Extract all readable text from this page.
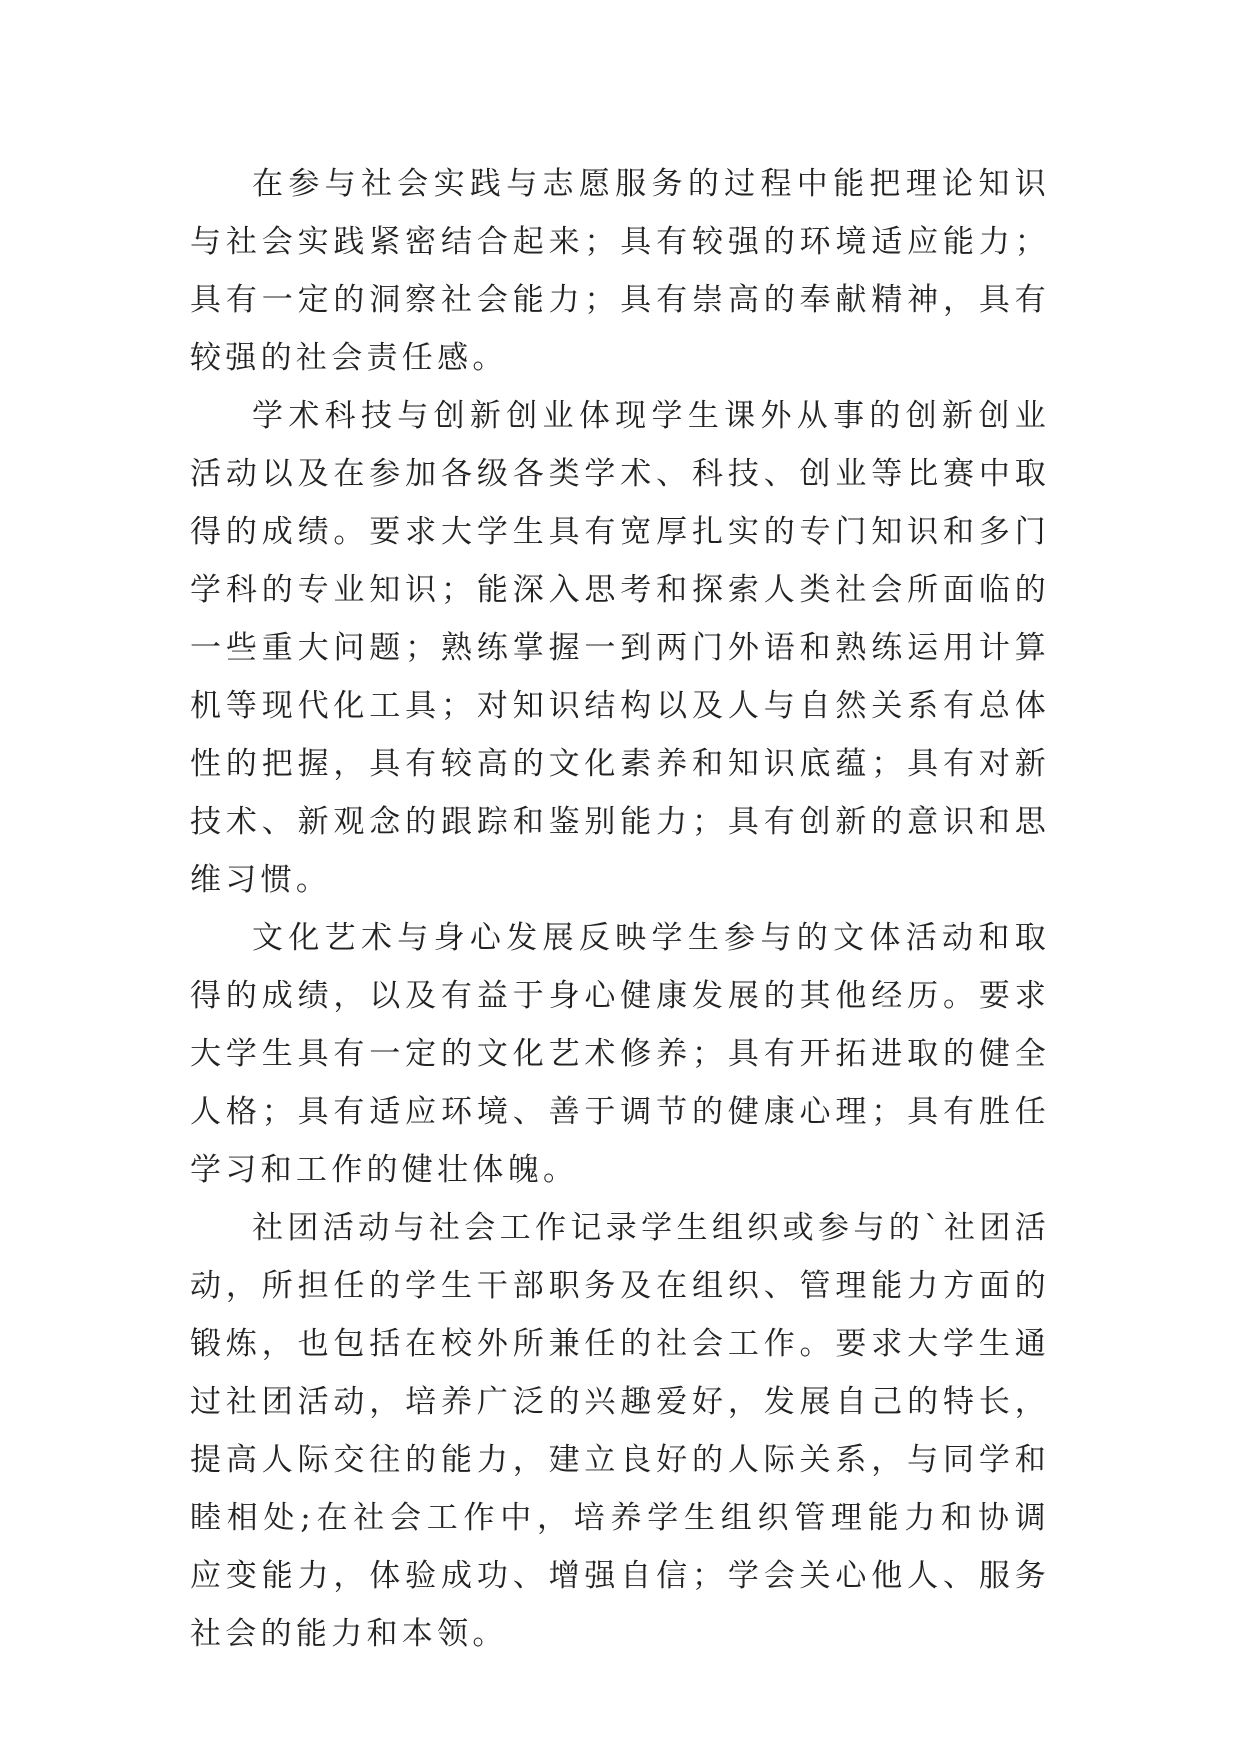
在参与社会实践与志愿服务的过程中能把理论知识与社会实践紧密结合起来；具有较强的环境适应能力；具有一定的洞察社会能力；具有崇高的奉献精神，具有较强的社会责任感。

学术科技与创新创业体现学生课外从事的创新创业活动以及在参加各级各类学术、科技、创业等比赛中取得的成绩。要求大学生具有宽厚扎实的专门知识和多门学科的专业知识；能深入思考和探索人类社会所面临的一些重大问题；熟练掌握一到两门外语和熟练运用计算机等现代化工具；对知识结构以及人与自然关系有总体性的把握，具有较高的文化素养和知识底蕴；具有对新技术、新观念的跟踪和鉴别能力；具有创新的意识和思维习惯。

文化艺术与身心发展反映学生参与的文体活动和取得的成绩，以及有益于身心健康发展的其他经历。要求大学生具有一定的文化艺术修养；具有开拓进取的健全人格；具有适应环境、善于调节的健康心理；具有胜任学习和工作的健壮体魄。

社团活动与社会工作记录学生组织或参与的`社团活动，所担任的学生干部职务及在组织、管理能力方面的锻炼，也包括在校外所兼任的社会工作。要求大学生通过社团活动，培养广泛的兴趣爱好，发展自己的特长，提高人际交往的能力，建立良好的人际关系，与同学和睦相处;在社会工作中，培养学生组织管理能力和协调应变能力，体验成功、增强自信；学会关心他人、服务社会的能力和本领。
